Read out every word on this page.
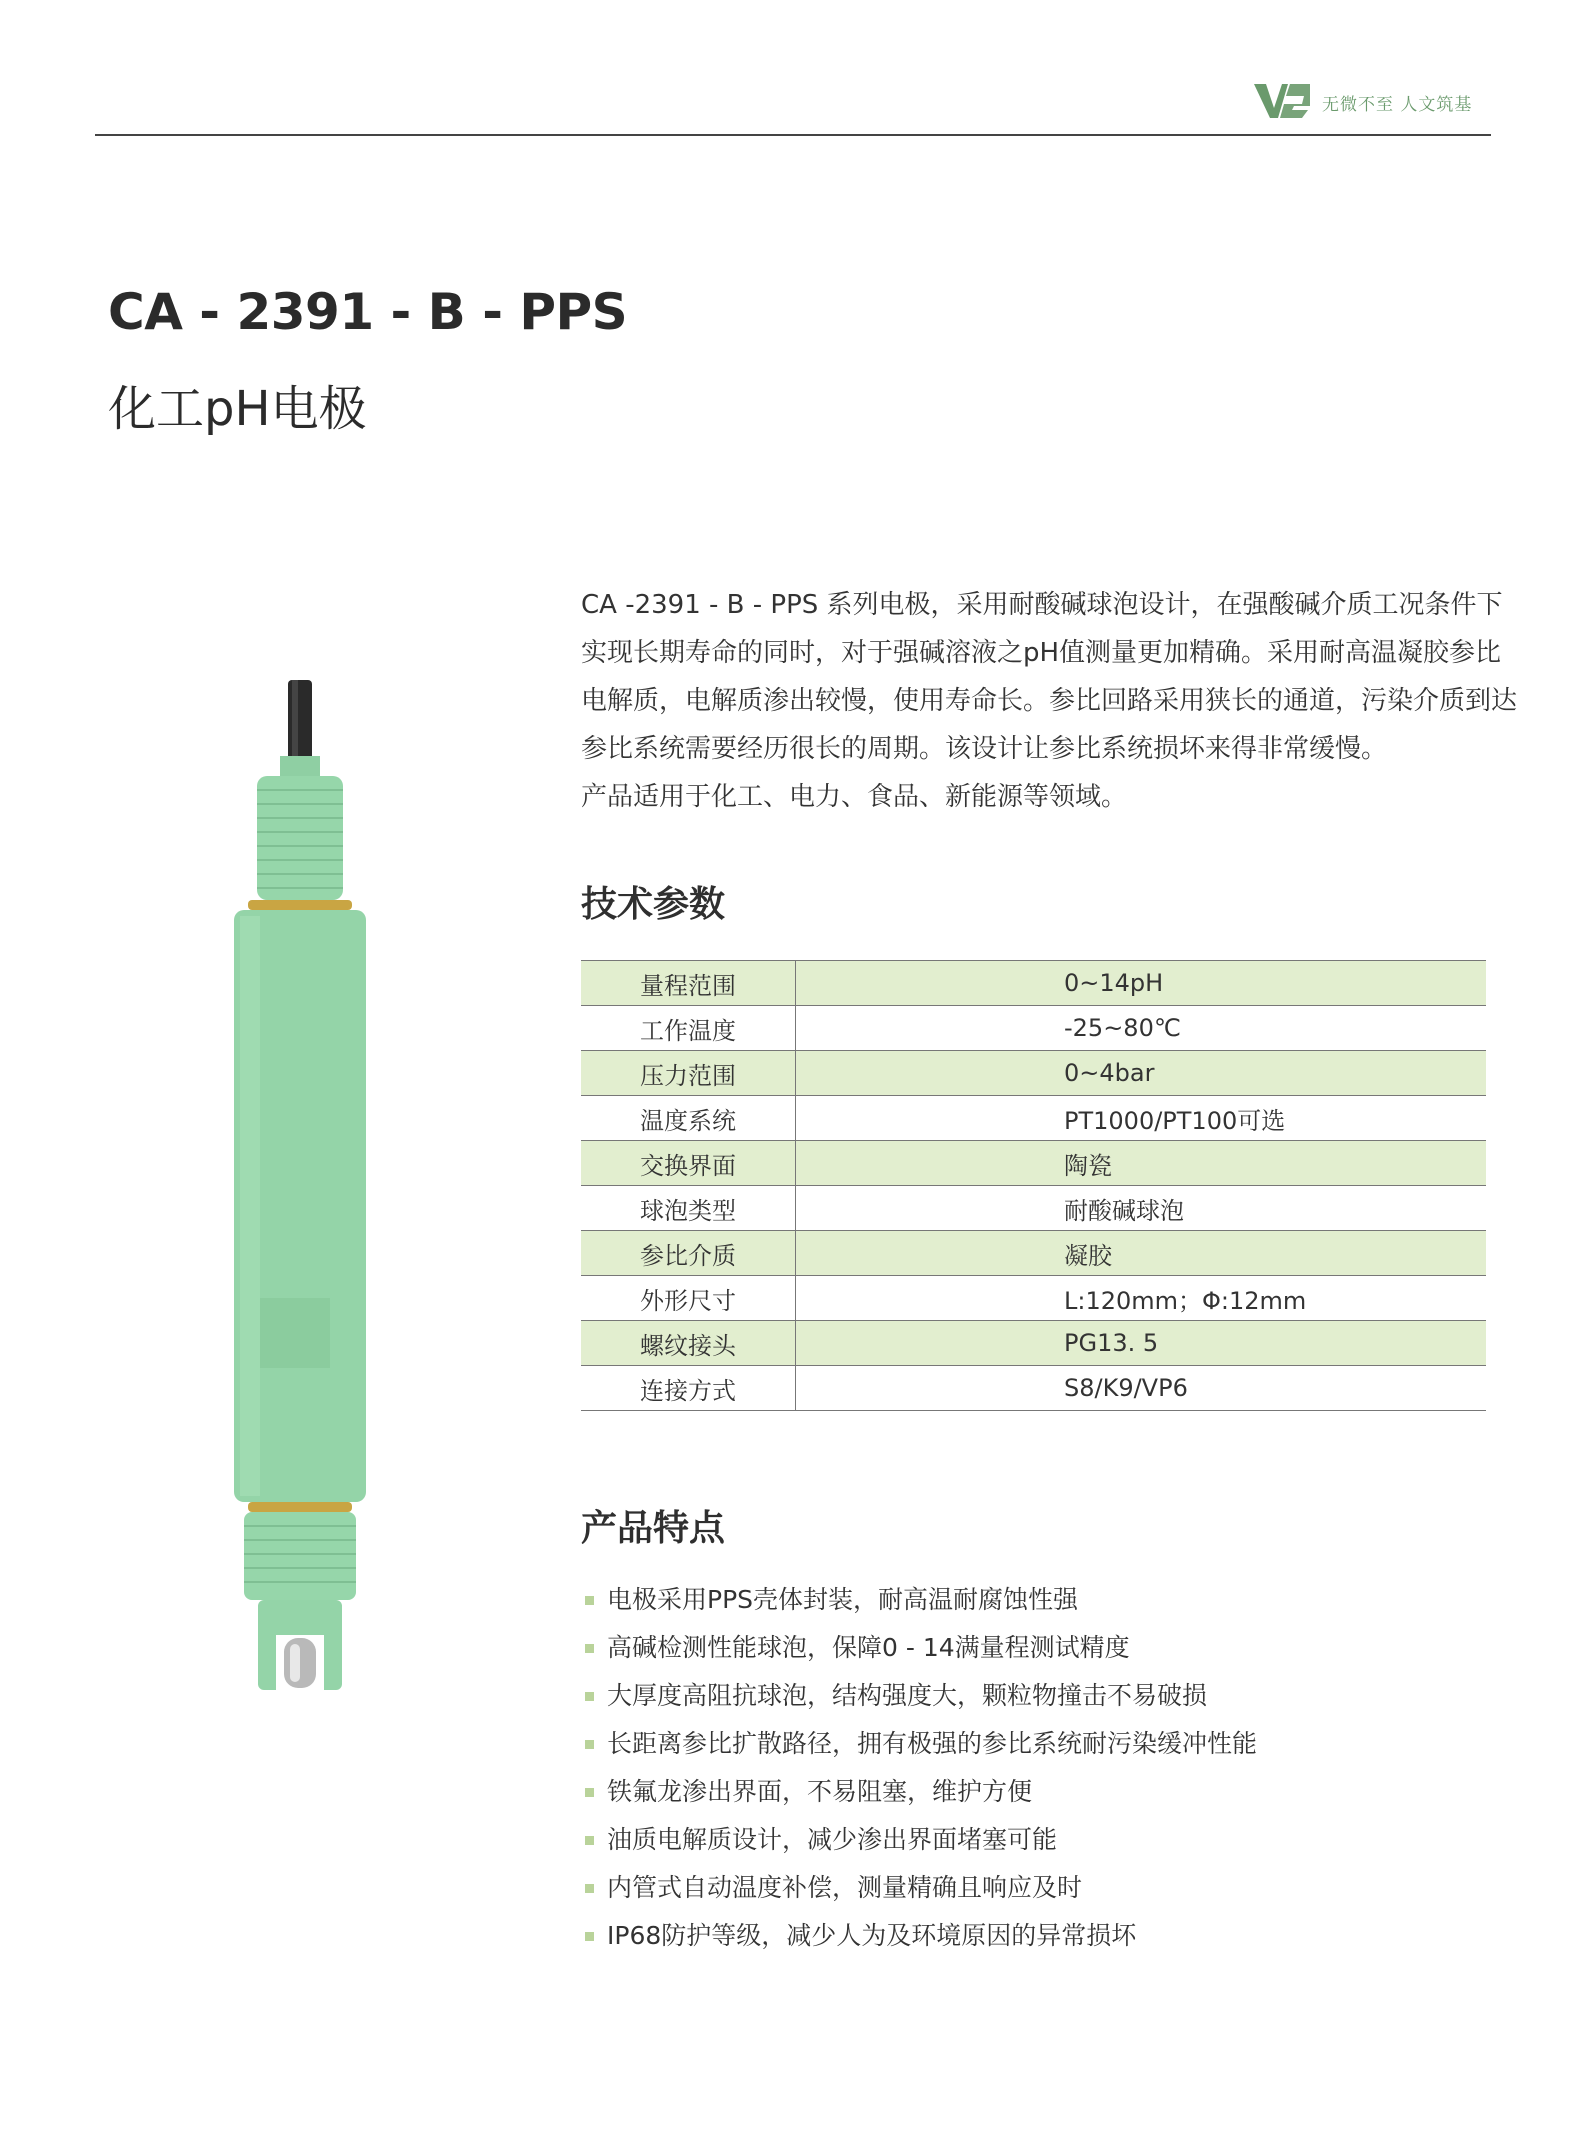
无微不至 人文筑基
CA - 2391 - B - PPS
化工pH电极

CA -2391 - B - PPS 系列电极，采用耐酸碱球泡设计，在强酸碱介质工况条件下实现长期寿命的同时，对于强碱溶液之pH值测量更加精确。采用耐高温凝胶参比电解质，电解质渗出较慢，使用寿命长。参比回路采用狭长的通道，污染介质到达参比系统需要经历很长的周期。该设计让参比系统损坏来得非常缓慢。

产品适用于化工、电力、食品、新能源等领域。

技术参数
量程范围	0~14pH
工作温度	-25~80℃
压力范围	0~4bar
温度系统	PT1000/PT100可选
交换界面	陶瓷
球泡类型	耐酸碱球泡
参比介质	凝胶
外形尺寸	L:120mm；Φ:12mm
螺纹接头	PG13. 5
连接方式	S8/K9/VP6
产品特点
电极采用PPS壳体封装，耐高温耐腐蚀性强
高碱检测性能球泡，保障0 - 14满量程测试精度
大厚度高阻抗球泡，结构强度大，颗粒物撞击不易破损
长距离参比扩散路径，拥有极强的参比系统耐污染缓冲性能
铁氟龙渗出界面，不易阻塞，维护方便
油质电解质设计，减少渗出界面堵塞可能
内管式自动温度补偿，测量精确且响应及时
IP68防护等级，减少人为及环境原因的异常损坏
